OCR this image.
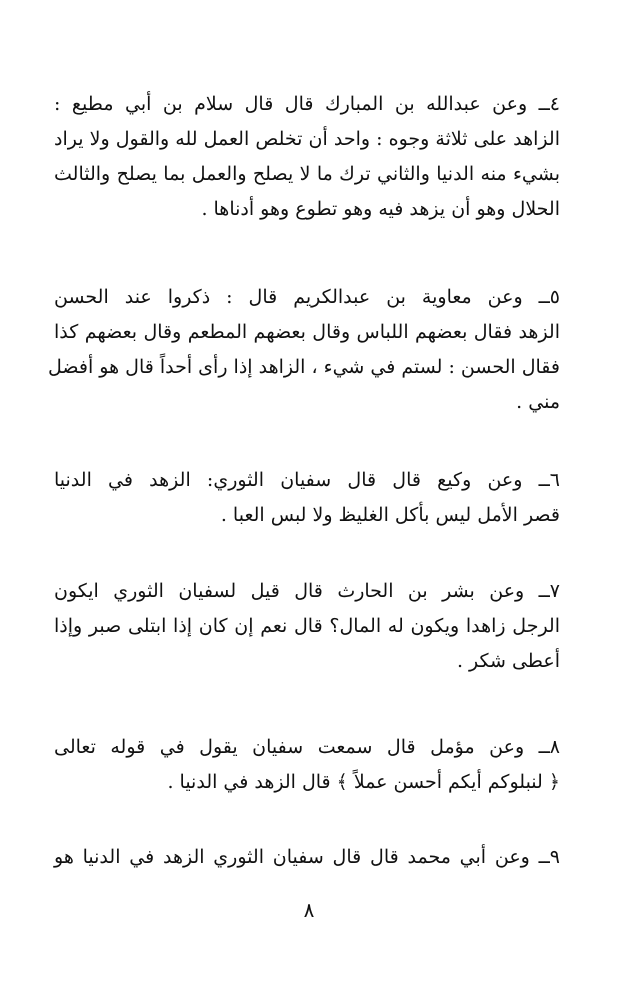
٤ــ وعن عبدالله بن المبارك قال قال سلام بن أبي مطيع :
الزاهد على ثلاثة وجوه : واحد أن تخلص العمل لله والقول ولا يراد
بشيء منه الدنيا والثاني ترك ما لا يصلح والعمل بما يصلح والثالث
الحلال وهو أن يزهد فيه وهو تطوع وهو أدناها .

٥ــ وعن معاوية بن عبدالكريم قال : ذكروا عند الحسن
الزهد فقال بعضهم اللباس وقال بعضهم المطعم وقال بعضهم كذا
فقال الحسن : لستم في شيء ، الزاهد إذا رأى أحداً قال هو أفضل
مني .

٦ــ وعن وكيع قال قال سفيان الثوري: الزهد في الدنيا
قصر الأمل ليس بأكل الغليظ ولا لبس العبا .

٧ــ وعن بشر بن الحارث قال قيل لسفيان الثوري ايكون
الرجل زاهدا ويكون له المال؟ قال نعم إن كان إذا ابتلى صبر وإذا
أعطى شكر .

٨ــ وعن مؤمل قال سمعت سفيان يقول في قوله تعالى
﴿ لنبلوكم أيكم أحسن عملاً ﴾ قال الزهد في الدنيا .

٩ــ وعن أبي محمد قال قال سفيان الثوري الزهد في الدنيا هو

٨
